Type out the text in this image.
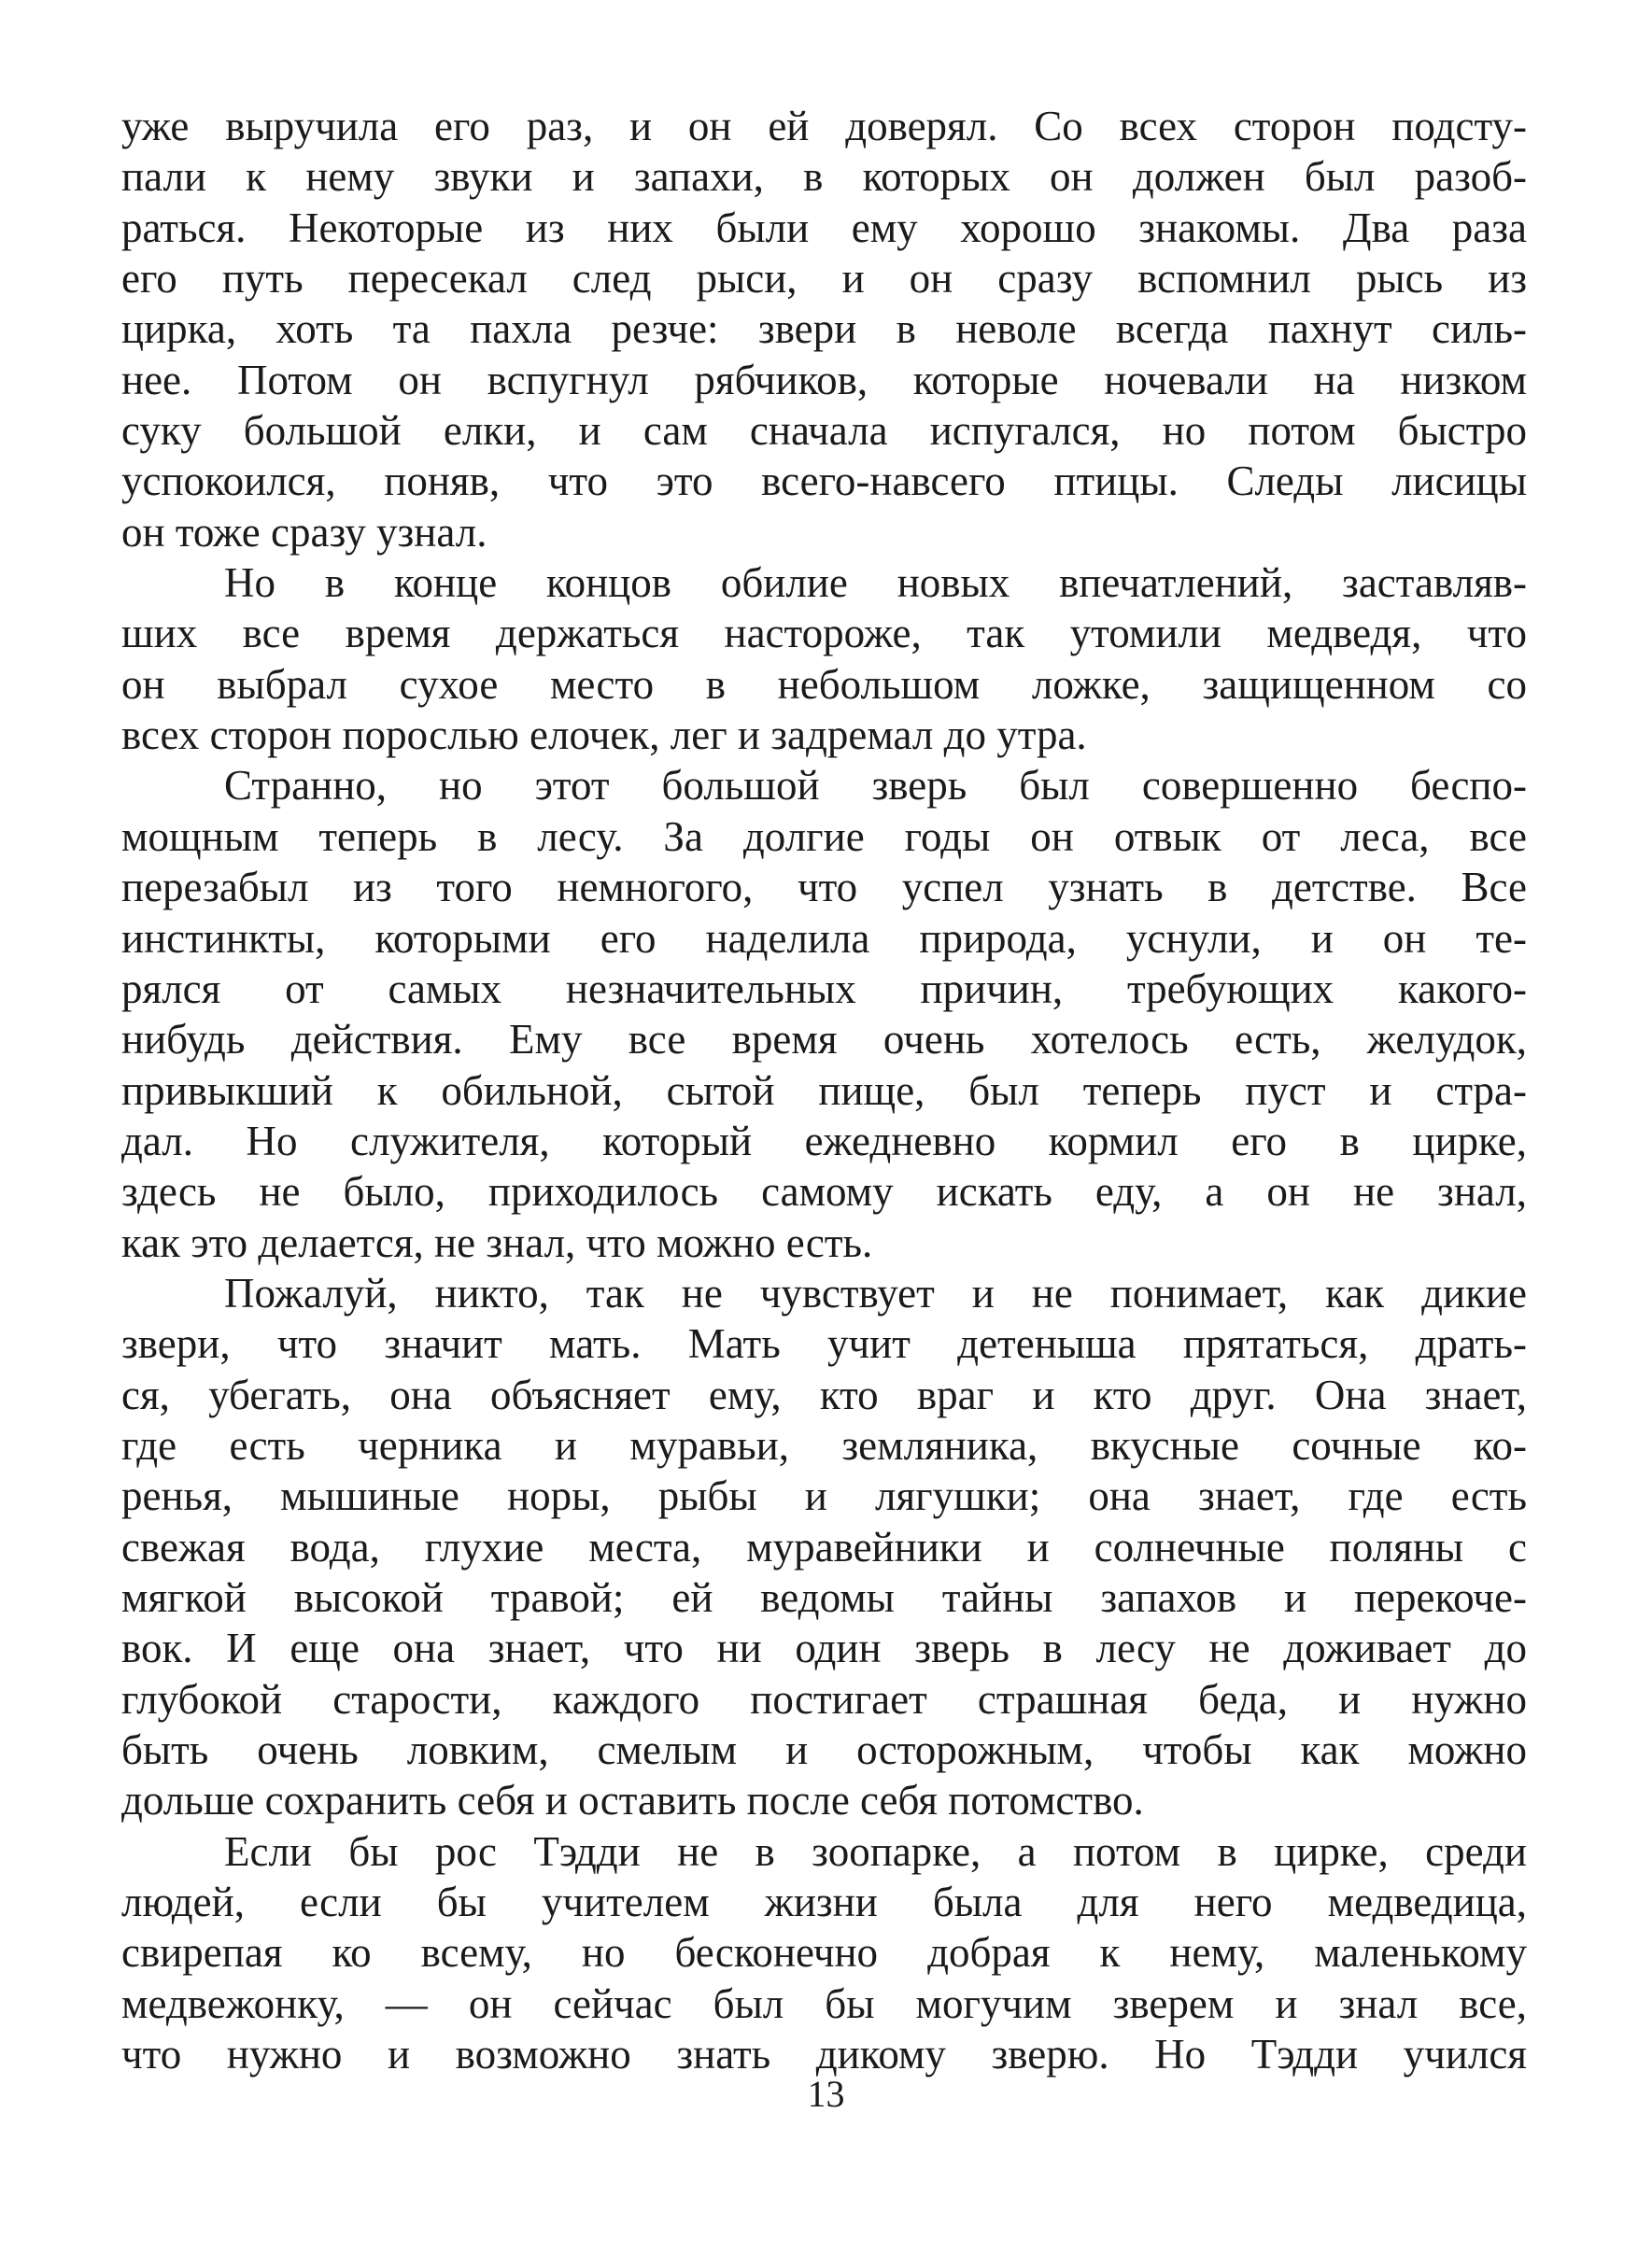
уже выручила его раз, и он ей доверял. Со всех сторон подсту-
пали к нему звуки и запахи, в которых он должен был разоб-
раться. Некоторые из них были ему хорошо знакомы. Два раза
его путь пересекал след рыси, и он сразу вспомнил рысь из
цирка, хоть та пахла резче: звери в неволе всегда пахнут силь-
нее. Потом он вспугнул рябчиков, которые ночевали на низком
суку большой елки, и сам сначала испугался, но потом быстро
успокоился, поняв, что это всего-навсего птицы. Следы лисицы
он тоже сразу узнал.
Но в конце концов обилие новых впечатлений, заставляв-
ших все время держаться настороже, так утомили медведя, что
он выбрал сухое место в небольшом ложке, защищенном со
всех сторон порослью елочек, лег и задремал до утра.
Странно, но этот большой зверь был совершенно беспо-
мощным теперь в лесу. За долгие годы он отвык от леса, все
перезабыл из того немногого, что успел узнать в детстве. Все
инстинкты, которыми его наделила природа, уснули, и он те-
рялся от самых незначительных причин, требующих какого-
нибудь действия. Ему все время очень хотелось есть, желудок,
привыкший к обильной, сытой пище, был теперь пуст и стра-
дал. Но служителя, который ежедневно кормил его в цирке,
здесь не было, приходилось самому искать еду, а он не знал,
как это делается, не знал, что можно есть.
Пожалуй, никто, так не чувствует и не понимает, как дикие
звери, что значит мать. Мать учит детеныша прятаться, драть-
ся, убегать, она объясняет ему, кто враг и кто друг. Она знает,
где есть черника и муравьи, земляника, вкусные сочные ко-
ренья, мышиные норы, рыбы и лягушки; она знает, где есть
свежая вода, глухие места, муравейники и солнечные поляны с
мягкой высокой травой; ей ведомы тайны запахов и перекоче-
вок. И еще она знает, что ни один зверь в лесу не доживает до
глубокой старости, каждого постигает страшная беда, и нужно
быть очень ловким, смелым и осторожным, чтобы как можно
дольше сохранить себя и оставить после себя потомство.
Если бы рос Тэдди не в зоопарке, а потом в цирке, среди
людей, если бы учителем жизни была для него медведица,
свирепая ко всему, но бесконечно добрая к нему, маленькому
медвежонку, — он сейчас был бы могучим зверем и знал все,
что нужно и возможно знать дикому зверю. Но Тэдди учился
13
